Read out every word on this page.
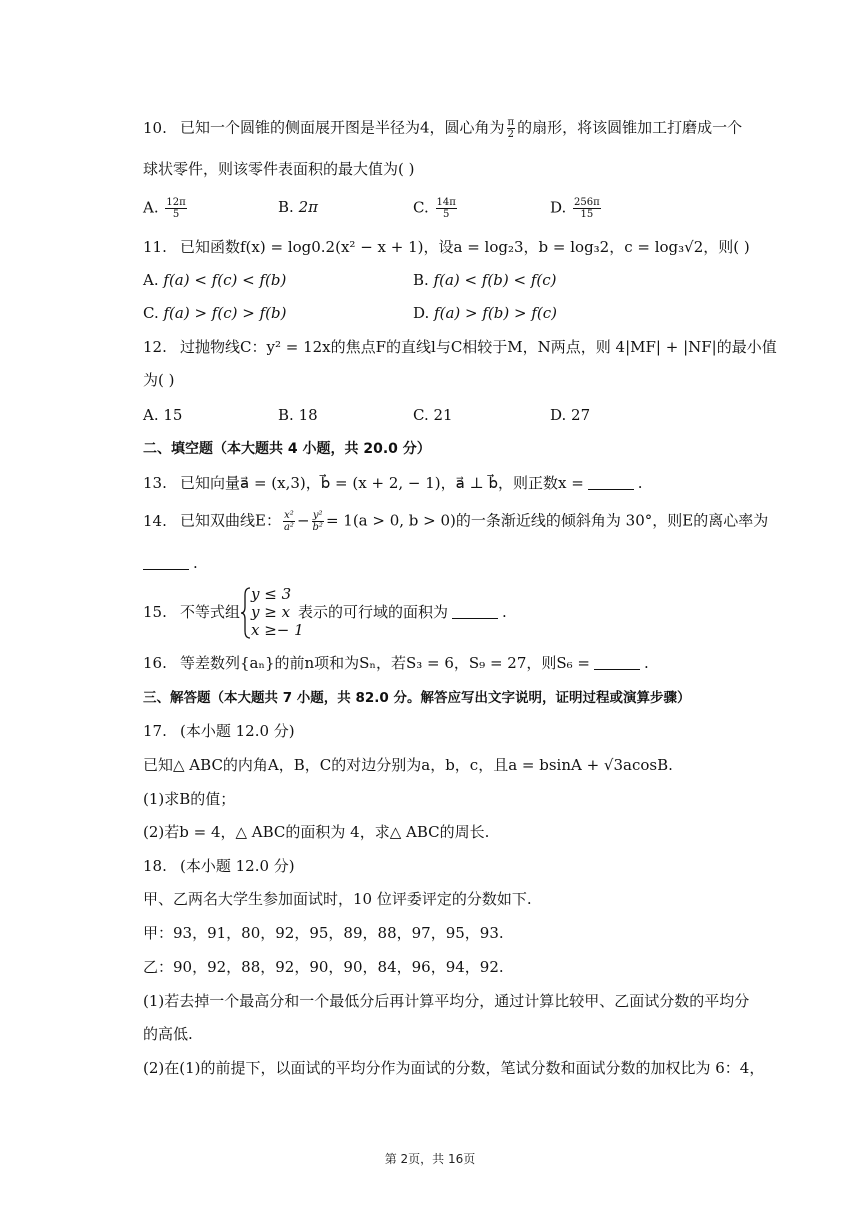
10. 已知一个圆锥的侧面展开图是半径为4，圆心角为 $\frac{\pi}{2}$ 的扇形，将该圆锥加工打磨成一个
球状零件，则该零件表面积的最大值为( )
A. $\frac{12\pi}{5}$	B. 2π	C. $\frac{14\pi}{5}$	D. $\frac{256\pi}{15}$
11. 已知函数f(x) = log0.2(x² − x + 1)，设a = log₂3，b = log₃2，c = log₃√2，则( )
A. f(a) < f(c) < f(b)	B. f(a) < f(b) < f(c)
C. f(a) > f(c) > f(b)	D. f(a) > f(b) > f(c)
12. 过抛物线C：y² = 12x的焦点F的直线l与C相较于M，N两点，则 4|MF| + |NF|的最小值
为( )
A. 15	B. 18	C. 21	D. 27
二、填空题（本大题共 4 小题，共 20.0 分）
13. 已知向量a⃗ = (x,3)，b⃗ = (x + 2, − 1)，a⃗ ⊥ b⃗，则正数x =	.
14. 已知双曲线E： $\frac{\text{x²}}{\text{a²}} - \frac{\text{y²}}{\text{b²}} = 1(a > 0$, b > 0)的一条渐近线的倾斜角为 30°，则E的离心率为
.
15. 不等式组	表示的可行域的面积为	.
y ≤ 3
y ≥ x
x ≥− 1
16. 等差数列{aₙ}的前n项和为Sₙ，若S₃ = 6，S₉ = 27，则S₆ =	.
三、解答题（本大题共 7 小题，共 82.0 分。解答应写出文字说明，证明过程或演算步骤）
17. (本小题 12.0 分)
已知△ ABC的内角A，B，C的对边分别为a，b，c，且a = bsinA + √3acosB.
(1)求B的值；
(2)若b = 4，△ ABC的面积为 4，求△ ABC的周长.
18. (本小题 12.0 分)
甲、乙两名大学生参加面试时，10 位评委评定的分数如下.
甲：93，91，80，92，95，89，88，97，95，93.
乙：90，92，88，92，90，90，84，96，94，92.
(1)若去掉一个最高分和一个最低分后再计算平均分，通过计算比较甲、乙面试分数的平均分
的高低.
(2)在(1)的前提下，以面试的平均分作为面试的分数，笔试分数和面试分数的加权比为 6：4，
第 2页，共 16页
